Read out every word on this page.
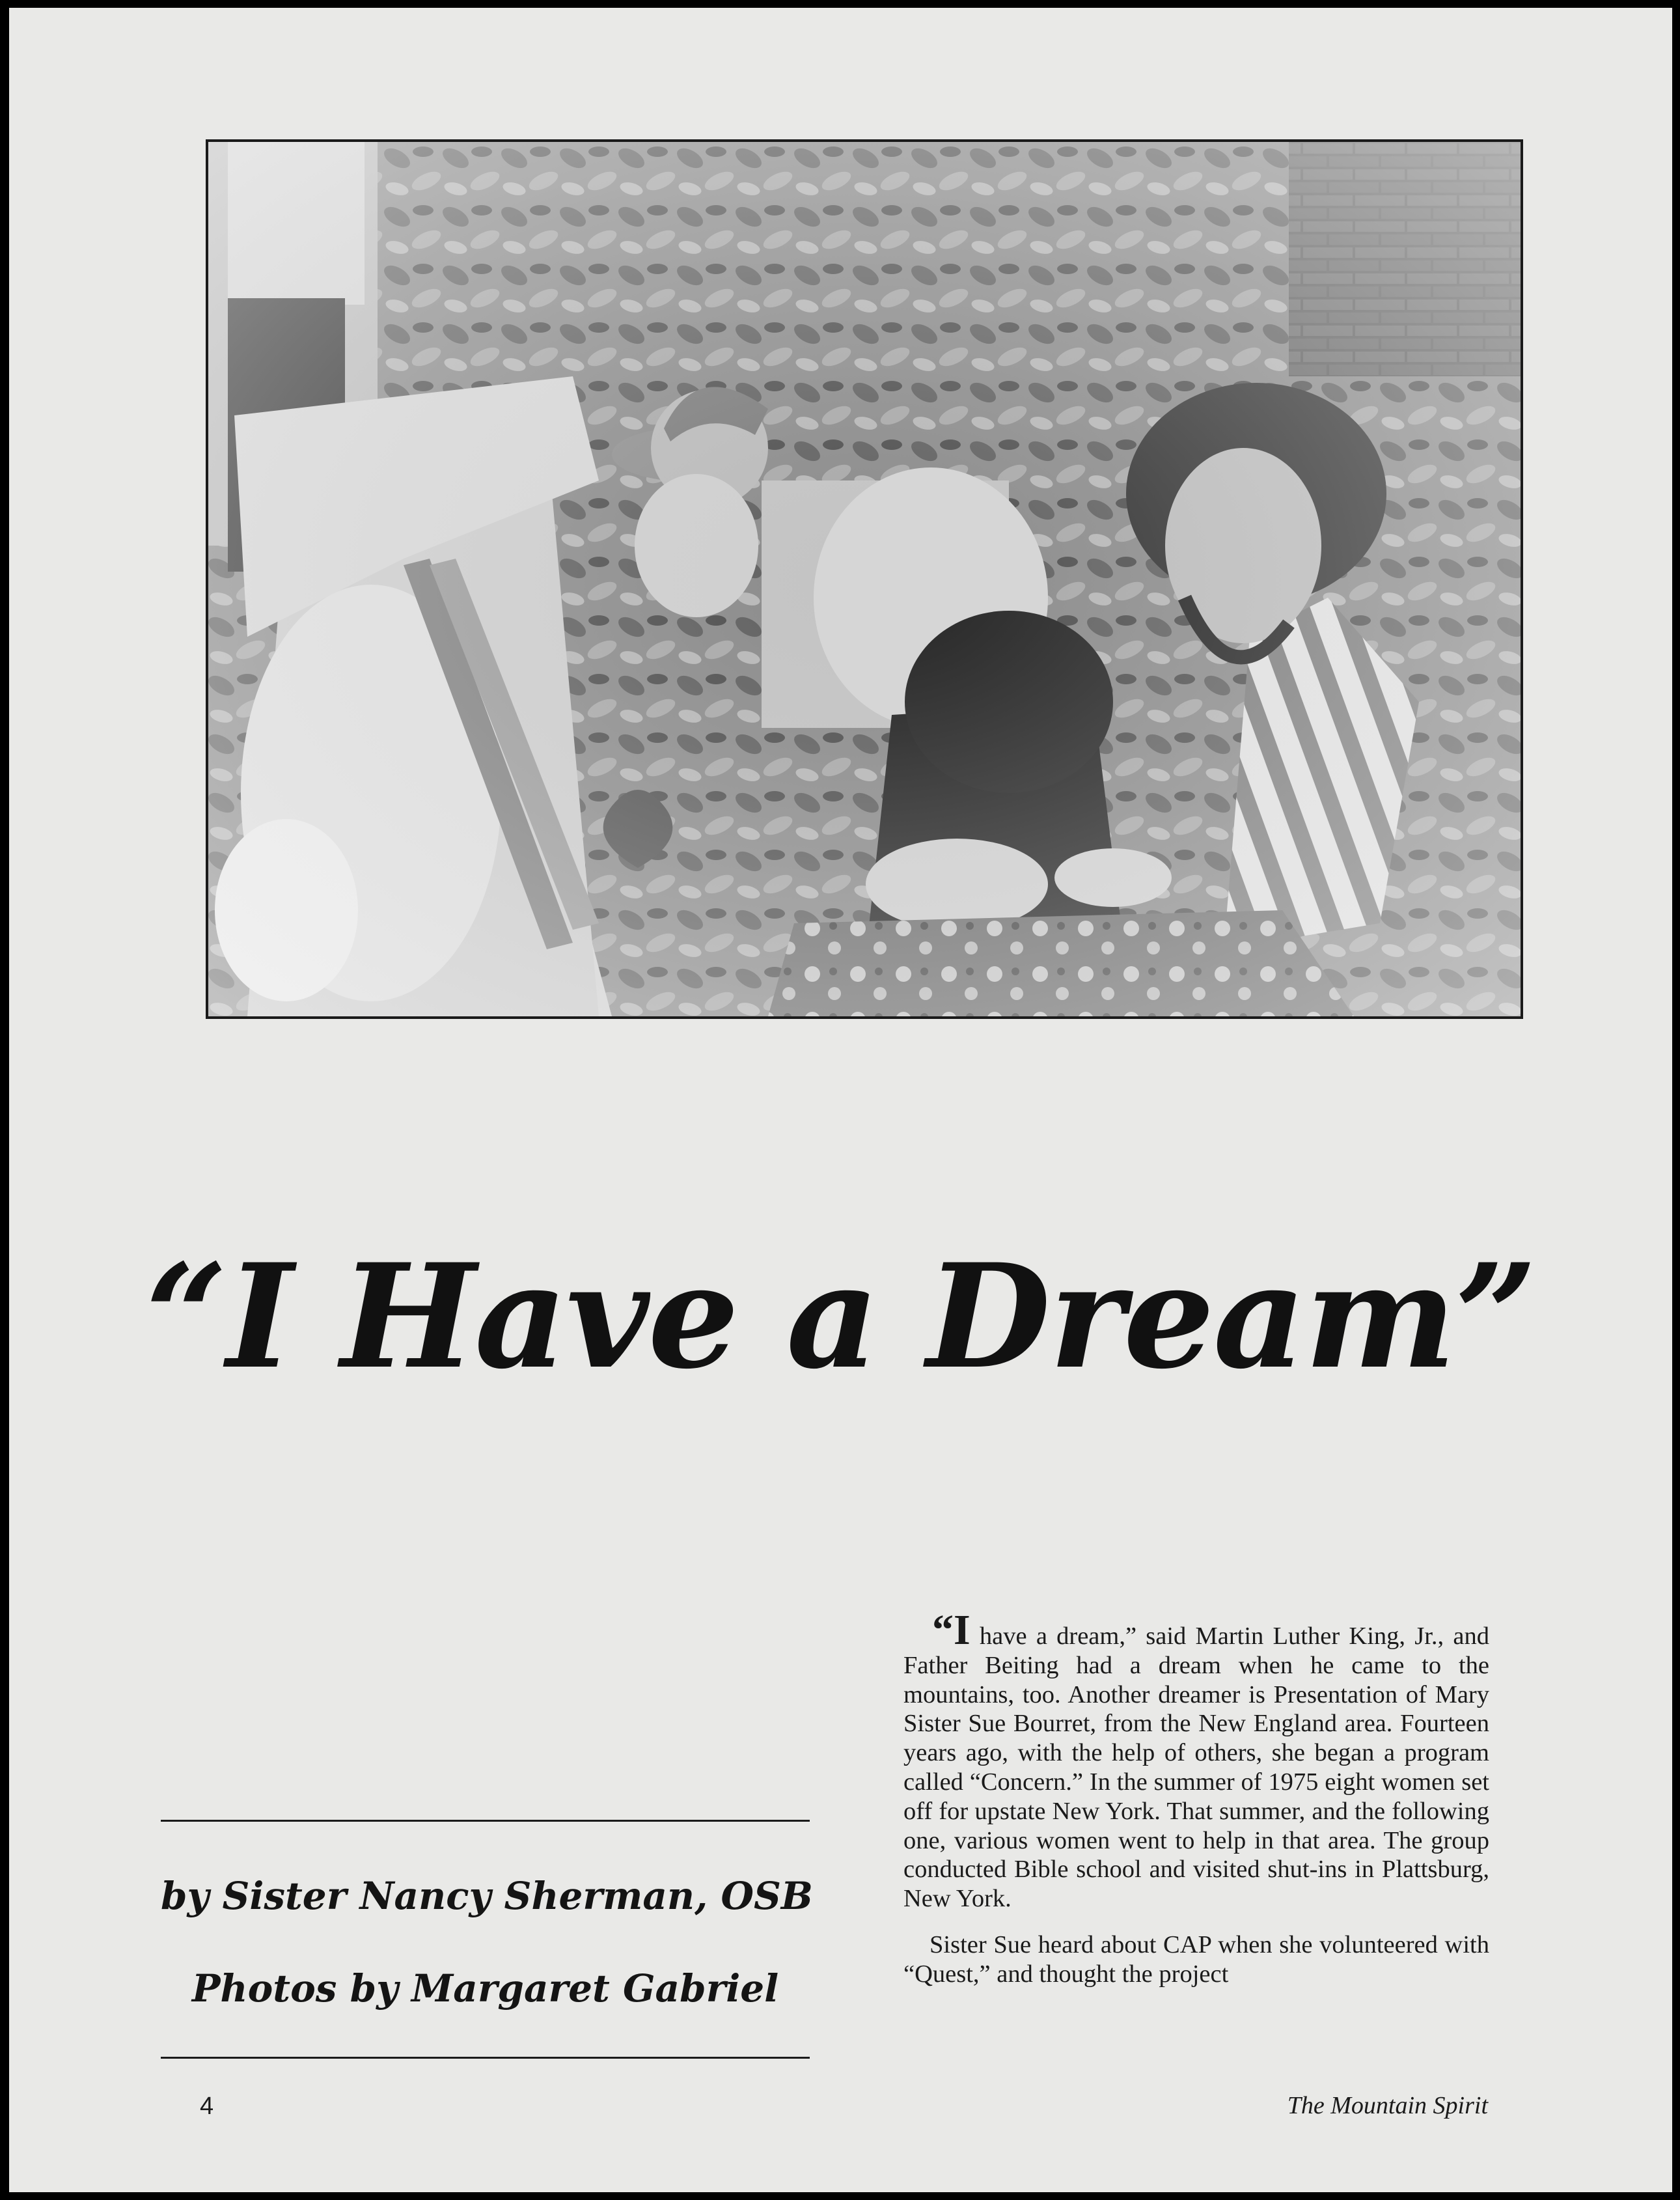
“I Have a Dream”
by Sister Nancy Sherman, OSB
Photos by Margaret Gabriel

“I have a dream,” said Martin Luther King, Jr., and Father Beiting had a dream when he came to the mountains, too. Another dreamer is Presentation of Mary Sister Sue Bourret, from the New England area. Fourteen years ago, with the help of others, she began a program called “Concern.” In the summer of 1975 eight women set off for upstate New York. That summer, and the following one, various women went to help in that area. The group conducted Bible school and visited shut-ins in Plattsburg, New York.

Sister Sue heard about CAP when she volunteered with “Quest,” and thought the project

4	The Mountain Spirit
